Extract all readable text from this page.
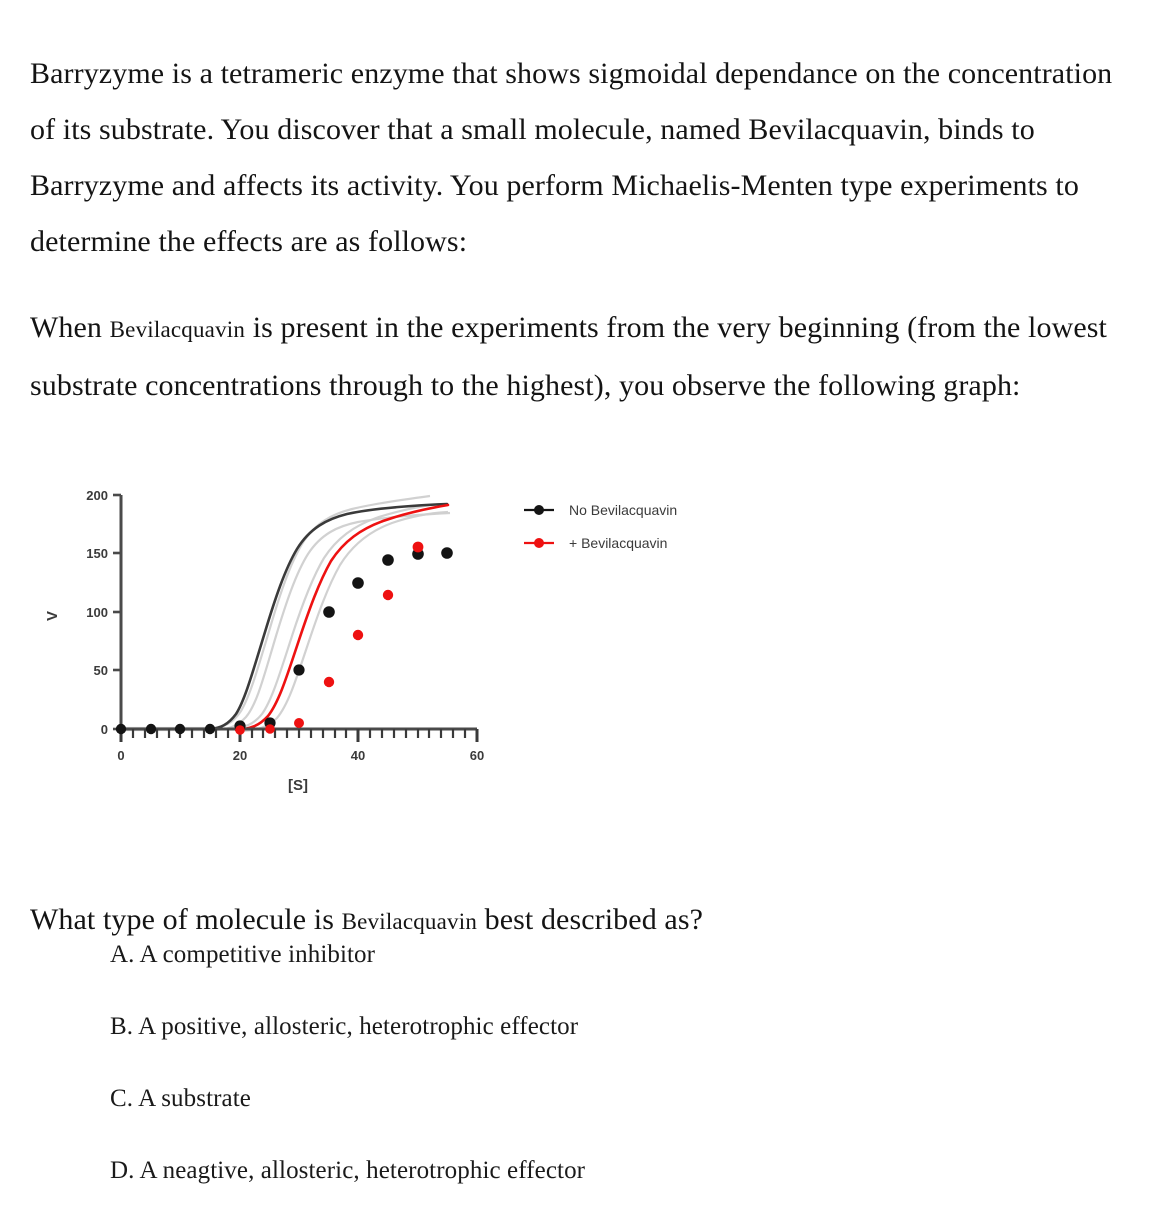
Barryzyme is a tetrameric enzyme that shows sigmoidal dependance on the concentration of its substrate. You discover that a small molecule, named Bevilacquavin, binds to Barryzyme and affects its activity. You perform Michaelis-Menten type experiments to determine the effects are as follows:

When Bevilacquavin is present in the experiments from the very beginning (from the lowest substrate concentrations through to the highest), you observe the following graph:

0
50
100
150
200
0	20	40	60
V
[S]
No Bevilacquavin
+ Bevilacquavin

What type of molecule is Bevilacquavin best described as?

A. A competitive inhibitor
B. A positive, allosteric, heterotrophic effector
C. A substrate
D. A neagtive, allosteric, heterotrophic effector
